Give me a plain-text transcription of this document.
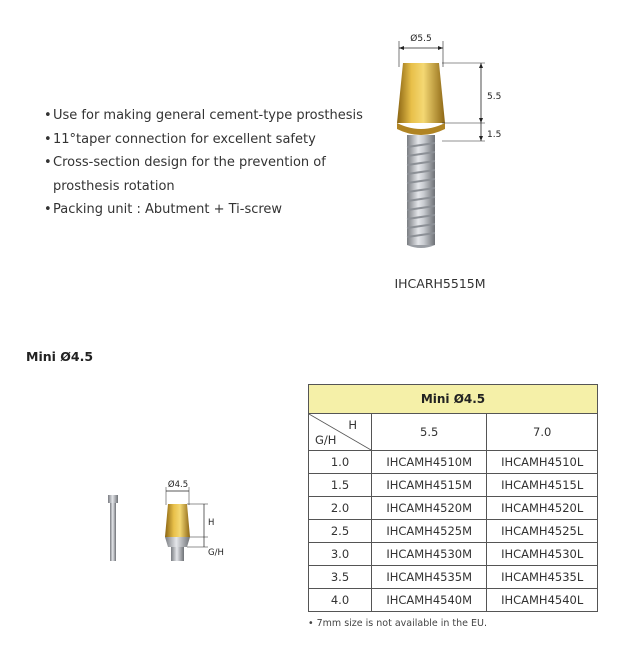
• Use for making general cement-type prosthesis
• 11°taper connection for excellent safety
• Cross-section design for the prevention of
prosthesis rotation
• Packing unit : Abutment + Ti-screw
Ø5.5
5.5
1.5
IHCARH5515M
Mini Ø4.5
Ø4.5
H
G/H
Mini Ø4.5		

H
G/H	5.5	7.0
1.0	IHCAMH4510M	IHCAMH4510L
1.5	IHCAMH4515M	IHCAMH4515L
2.0	IHCAMH4520M	IHCAMH4520L
2.5	IHCAMH4525M	IHCAMH4525L
3.0	IHCAMH4530M	IHCAMH4530L
3.5	IHCAMH4535M	IHCAMH4535L
4.0	IHCAMH4540M	IHCAMH4540L
• 7mm size is not available in the EU.
